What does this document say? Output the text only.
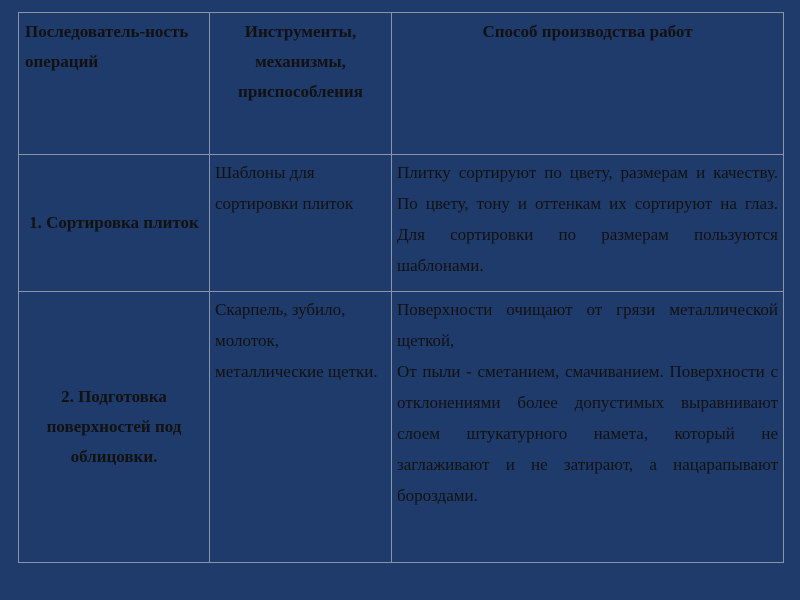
Последователь-ность операций	Инструменты, механизмы, приспособления	Способ производства работ
1. Сортировка плиток	Шаблоны для сортировки плиток	Плитку сортируют по цвету, размерам и качеству. По цвету, тону и оттенкам их сортируют на глаз. Для сортировки по размерам пользуются шаблонами.

2. Подготовка поверхностей под облицовки.	Скарпель, зубило, молоток, металлические щетки.	Поверхности очищают от грязи металлической щеткой,
От пыли - сметанием, смачиванием. Поверхности с отклонениями более допустимых выравнивают слоем штукатурного намета, который не заглаживают и не затирают, а нацарапывают бороздами.
